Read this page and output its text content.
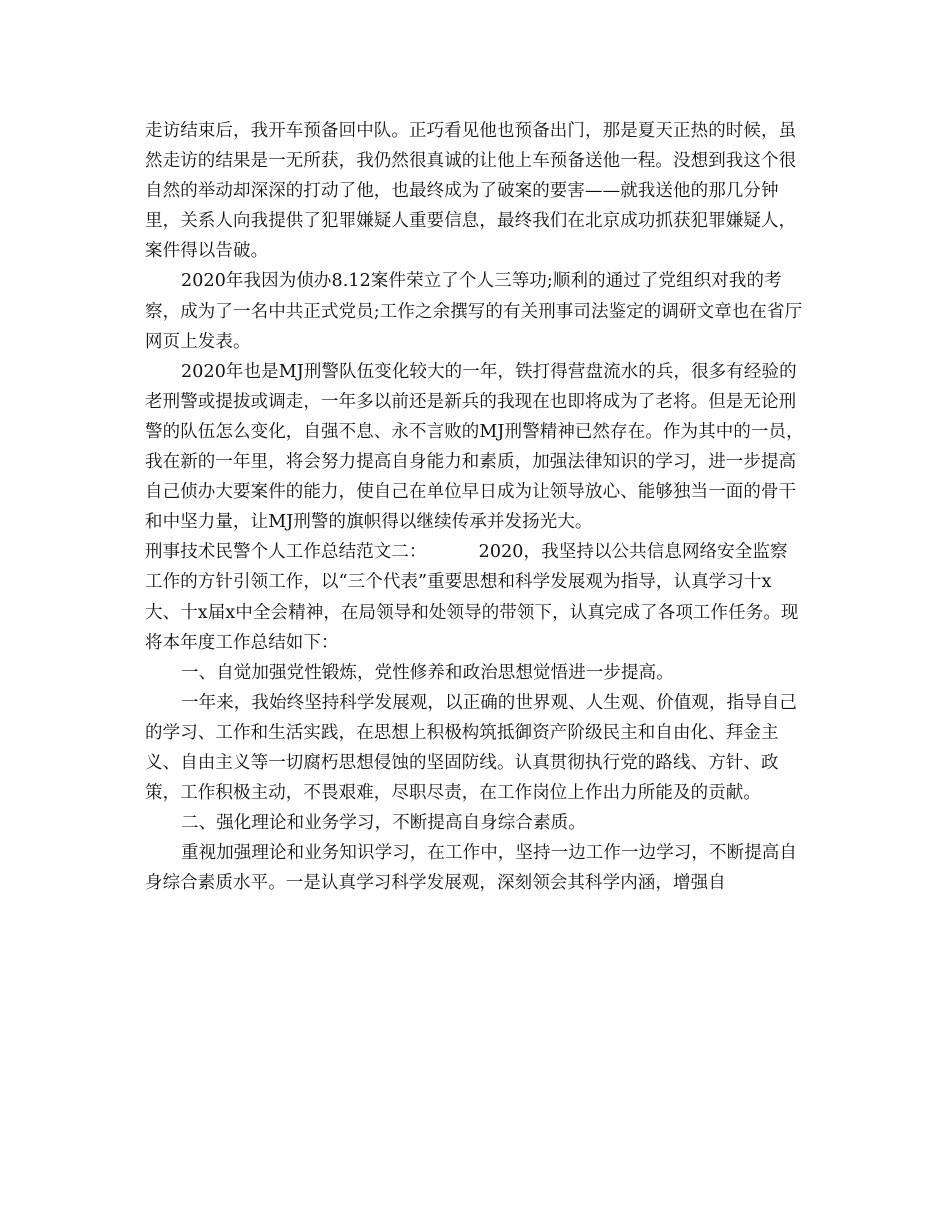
走访结束后，我开车预备回中队。正巧看见他也预备出门，那是夏天正热的时候，虽然走访的结果是一无所获，我仍然很真诚的让他上车预备送他一程。没想到我这个很自然的举动却深深的打动了他，也最终成为了破案的要害——就我送他的那几分钟里，关系人向我提供了犯罪嫌疑人重要信息，最终我们在北京成功抓获犯罪嫌疑人，案件得以告破。

2020年我因为侦办8.12案件荣立了个人三等功;顺利的通过了党组织对我的考察，成为了一名中共正式党员;工作之余撰写的有关刑事司法鉴定的调研文章也在省厅网页上发表。

2020年也是MJ刑警队伍变化较大的一年，铁打得营盘流水的兵，很多有经验的老刑警或提拔或调走，一年多以前还是新兵的我现在也即将成为了老将。但是无论刑警的队伍怎么变化，自强不息、永不言败的MJ刑警精神已然存在。作为其中的一员，我在新的一年里，将会努力提高自身能力和素质，加强法律知识的学习，进一步提高自己侦办大要案件的能力，使自己在单位早日成为让领导放心、能够独当一面的骨干和中坚力量，让MJ刑警的旗帜得以继续传承并发扬光大。

刑事技术民警个人工作总结范文二：	2020，我坚持以公共信息网络安全监察工作的方针引领工作，以“三个代表”重要思想和科学发展观为指导，认真学习十x大、十x届x中全会精神，在局领导和处领导的带领下，认真完成了各项工作任务。现将本年度工作总结如下：

一、自觉加强党性锻炼，党性修养和政治思想觉悟进一步提高。

一年来，我始终坚持科学发展观，以正确的世界观、人生观、价值观，指导自己的学习、工作和生活实践，在思想上积极构筑抵御资产阶级民主和自由化、拜金主义、自由主义等一切腐朽思想侵蚀的坚固防线。认真贯彻执行党的路线、方针、政策，工作积极主动，不畏艰难，尽职尽责，在工作岗位上作出力所能及的贡献。

二、强化理论和业务学习，不断提高自身综合素质。

重视加强理论和业务知识学习，在工作中，坚持一边工作一边学习，不断提高自身综合素质水平。一是认真学习科学发展观，深刻领会其科学内涵，增强自
